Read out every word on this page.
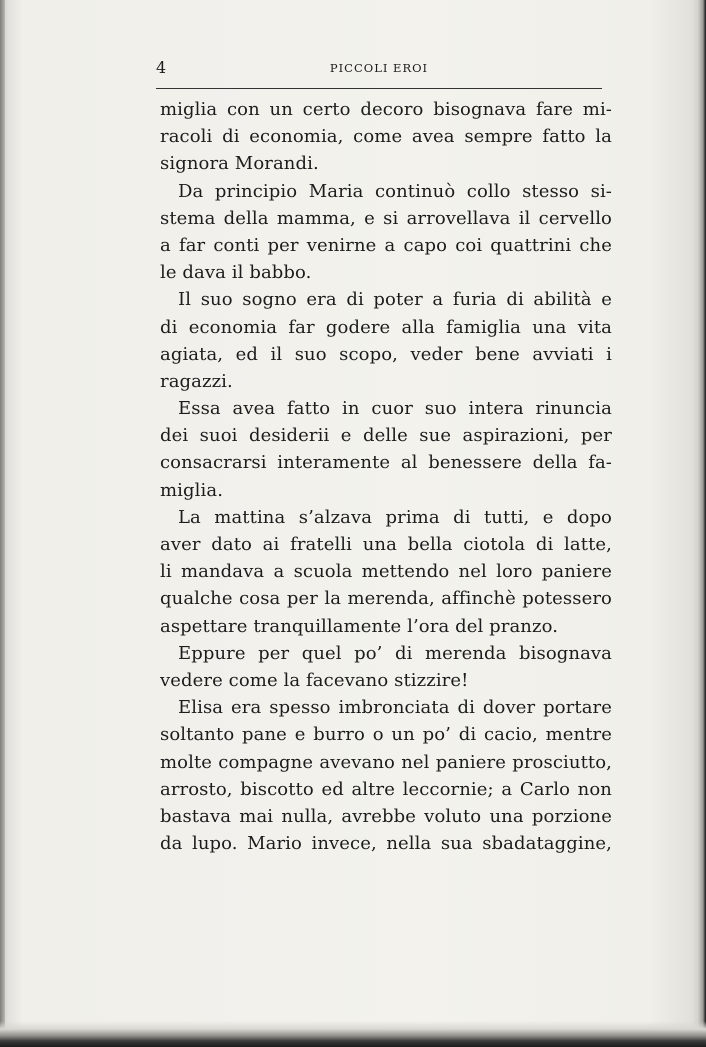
4	PICCOLI EROI
miglia con un certo decoro bisognava fare mi-
racoli di economia, come avea sempre fatto la
signora Morandi.
Da principio Maria continuò collo stesso si-
stema della mamma, e si arrovellava il cervello
a far conti per venirne a capo coi quattrini che
le dava il babbo.
Il suo sogno era di poter a furia di abilità e
di economia far godere alla famiglia una vita
agiata, ed il suo scopo, veder bene avviati i
ragazzi.
Essa avea fatto in cuor suo intera rinuncia
dei suoi desiderii e delle sue aspirazioni, per
consacrarsi interamente al benessere della fa-
miglia.
La mattina s’alzava prima di tutti, e dopo
aver dato ai fratelli una bella ciotola di latte,
li mandava a scuola mettendo nel loro paniere
qualche cosa per la merenda, affinchè potessero
aspettare tranquillamente l’ora del pranzo.
Eppure per quel po’ di merenda bisognava
vedere come la facevano stizzire!
Elisa era spesso imbronciata di dover portare
soltanto pane e burro o un po’ di cacio, mentre
molte compagne avevano nel paniere prosciutto,
arrosto, biscotto ed altre leccornie; a Carlo non
bastava mai nulla, avrebbe voluto una porzione
da lupo. Mario invece, nella sua sbadataggine,
